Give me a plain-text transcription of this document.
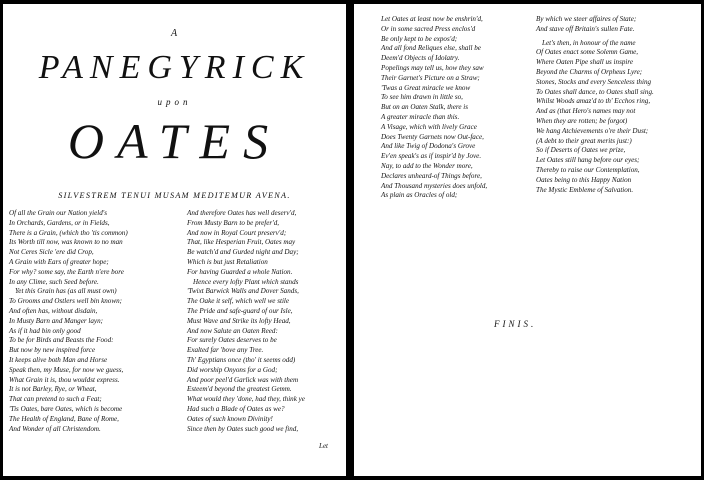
A
PANEGYRICK
upon
OATES
SILVESTREM TENUI MUSAM MEDITEMUR AVENA.
Of all the Grain our Nation yield's
In Orchards, Gardens, or in Fields,
There is a Grain, (which tho 'tis common)
Its Worth till now, was known to no man
Not Ceres Sicle 'ere did Crop,
A Grain with Ears of greater hope;
For why? some say, the Earth n'ere bore
In any Clime, such Seed before.
Yet this Grain has (as all must own)
To Grooms and Ostlers well bin known;
And often has, without disdain,
In Musty Barn and Manger layn;
As if it had bin only good
To be for Birds and Beasts the Food:
But now by new inspired force
It keeps alive both Man and Horse
Speak then, my Muse, for now we guess,
What Grain it is, thou wouldst express.
It is not Barley, Rye, or Wheat,
That can pretend to such a Feat;
'Tis Oates, bare Oates, which is become
The Health of England, Bane of Rome,
And Wonder of all Christendom.
And therefore Oates has well deserv'd,
From Musty Barn to be prefer'd,
And now in Royal Court preserv'd;
That, like Hesperian Fruit, Oates may
Be watch'd and Gurded night and Day;
Which is but just Retaliation
For having Guarded a whole Nation.
Hence every lofty Plant which stands
'Twixt Barwick Walls and Dover Sands,
The Oake it self, which well we stile
The Pride and safe-guard of our Isle,
Must Wave and Strike its lofty Head,
And now Salute an Oaten Reed:
For surely Oates deserves to be
Exalted far 'bove any Tree.
Th' Egyptians once (tho' it seems odd)
Did worship Onyons for a God;
And poor peel'd Garlick was with them
Esteem'd beyond the greatest Gemm.
What would they 'done, had they, think ye
Had such a Blade of Oates as we?
Oates of such known Divinity!
Since then by Oates such good we find,
Let
Let Oates at least now be enshrin'd,
Or in some sacred Press enclos'd
Be only kept to be expos'd;
And all fond Reliques else, shall be
Deem'd Objects of Idolatry.
Popelings may tell us, how they saw
Their Garnet's Picture on a Straw;
'Twas a Great miracle we know
To see him drawn in little so,
But on an Oaten Stalk, there is
A greater miracle than this.
A Visage, which with lively Grace
Does Twenty Garnets now Out-face,
And like Twig of Dodona's Grove
Ev'en speak's as if inspir'd by Jove.
Nay, to add to the Wonder more,
Declares unheard-of Things before,
And Thousand mysteries does unfold,
As plain as Oracles of old;
By which we steer affaires of State;
And stave off Britain's sullen Fate.
Let's then, in honour of the name
Of Oates enact some Solemn Game,
Where Oaten Pipe shall us inspire
Beyond the Charms of Orpheus Lyre;
Stones, Stocks and every Senceless thing
To Oates shall dance, to Oates shall sing.
Whilst Woods amaz'd to th' Ecchos ring,
And as (that Hero's names may not
When they are rotten; be forgot)
We hang Atchievements o're their Dust;
(A debt to their great merits just:)
So if Deserts of Oates we prize,
Let Oates still hang before our eyes;
Thereby to raise our Contemplation,
Oates being to this Happy Nation
The Mystic Embleme of Salvation.
FINIS.
